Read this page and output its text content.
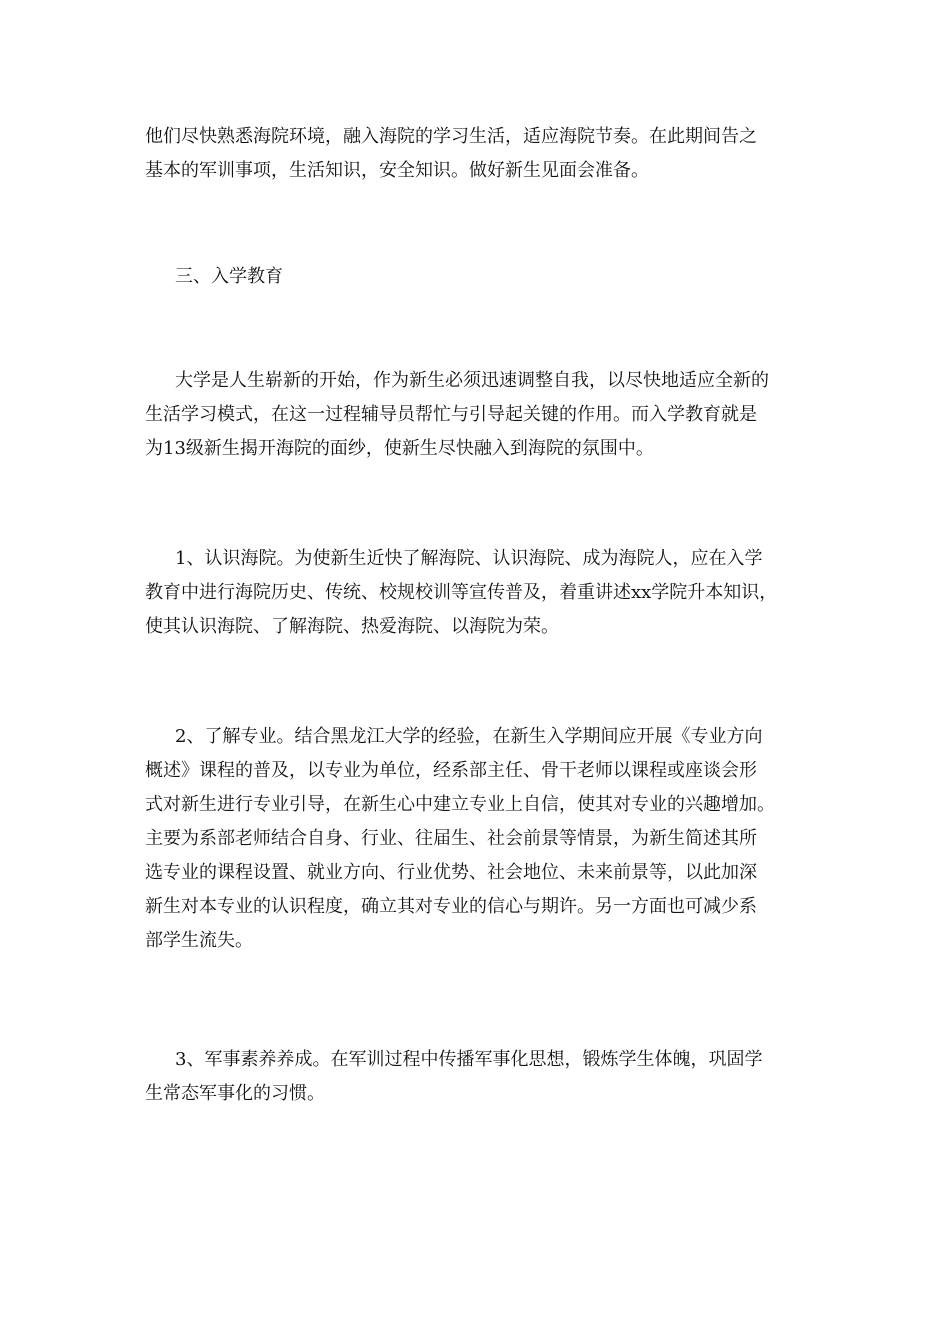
他们尽快熟悉海院环境，融入海院的学习生活，适应海院节奏。在此期间告之
基本的军训事项，生活知识，安全知识。做好新生见面会准备。

三、入学教育

大学是人生崭新的开始，作为新生必须迅速调整自我，以尽快地适应全新的
生活学习模式，在这一过程辅导员帮忙与引导起关键的作用。而入学教育就是
为13级新生揭开海院的面纱，使新生尽快融入到海院的氛围中。

1、认识海院。为使新生近快了解海院、认识海院、成为海院人，应在入学
教育中进行海院历史、传统、校规校训等宣传普及，着重讲述xx学院升本知识，
使其认识海院、了解海院、热爱海院、以海院为荣。

2、了解专业。结合黑龙江大学的经验，在新生入学期间应开展《专业方向
概述》课程的普及，以专业为单位，经系部主任、骨干老师以课程或座谈会形
式对新生进行专业引导，在新生心中建立专业上自信，使其对专业的兴趣增加。
主要为系部老师结合自身、行业、往届生、社会前景等情景，为新生简述其所
选专业的课程设置、就业方向、行业优势、社会地位、未来前景等，以此加深
新生对本专业的认识程度，确立其对专业的信心与期许。另一方面也可减少系
部学生流失。

3、军事素养养成。在军训过程中传播军事化思想，锻炼学生体魄，巩固学
生常态军事化的习惯。
